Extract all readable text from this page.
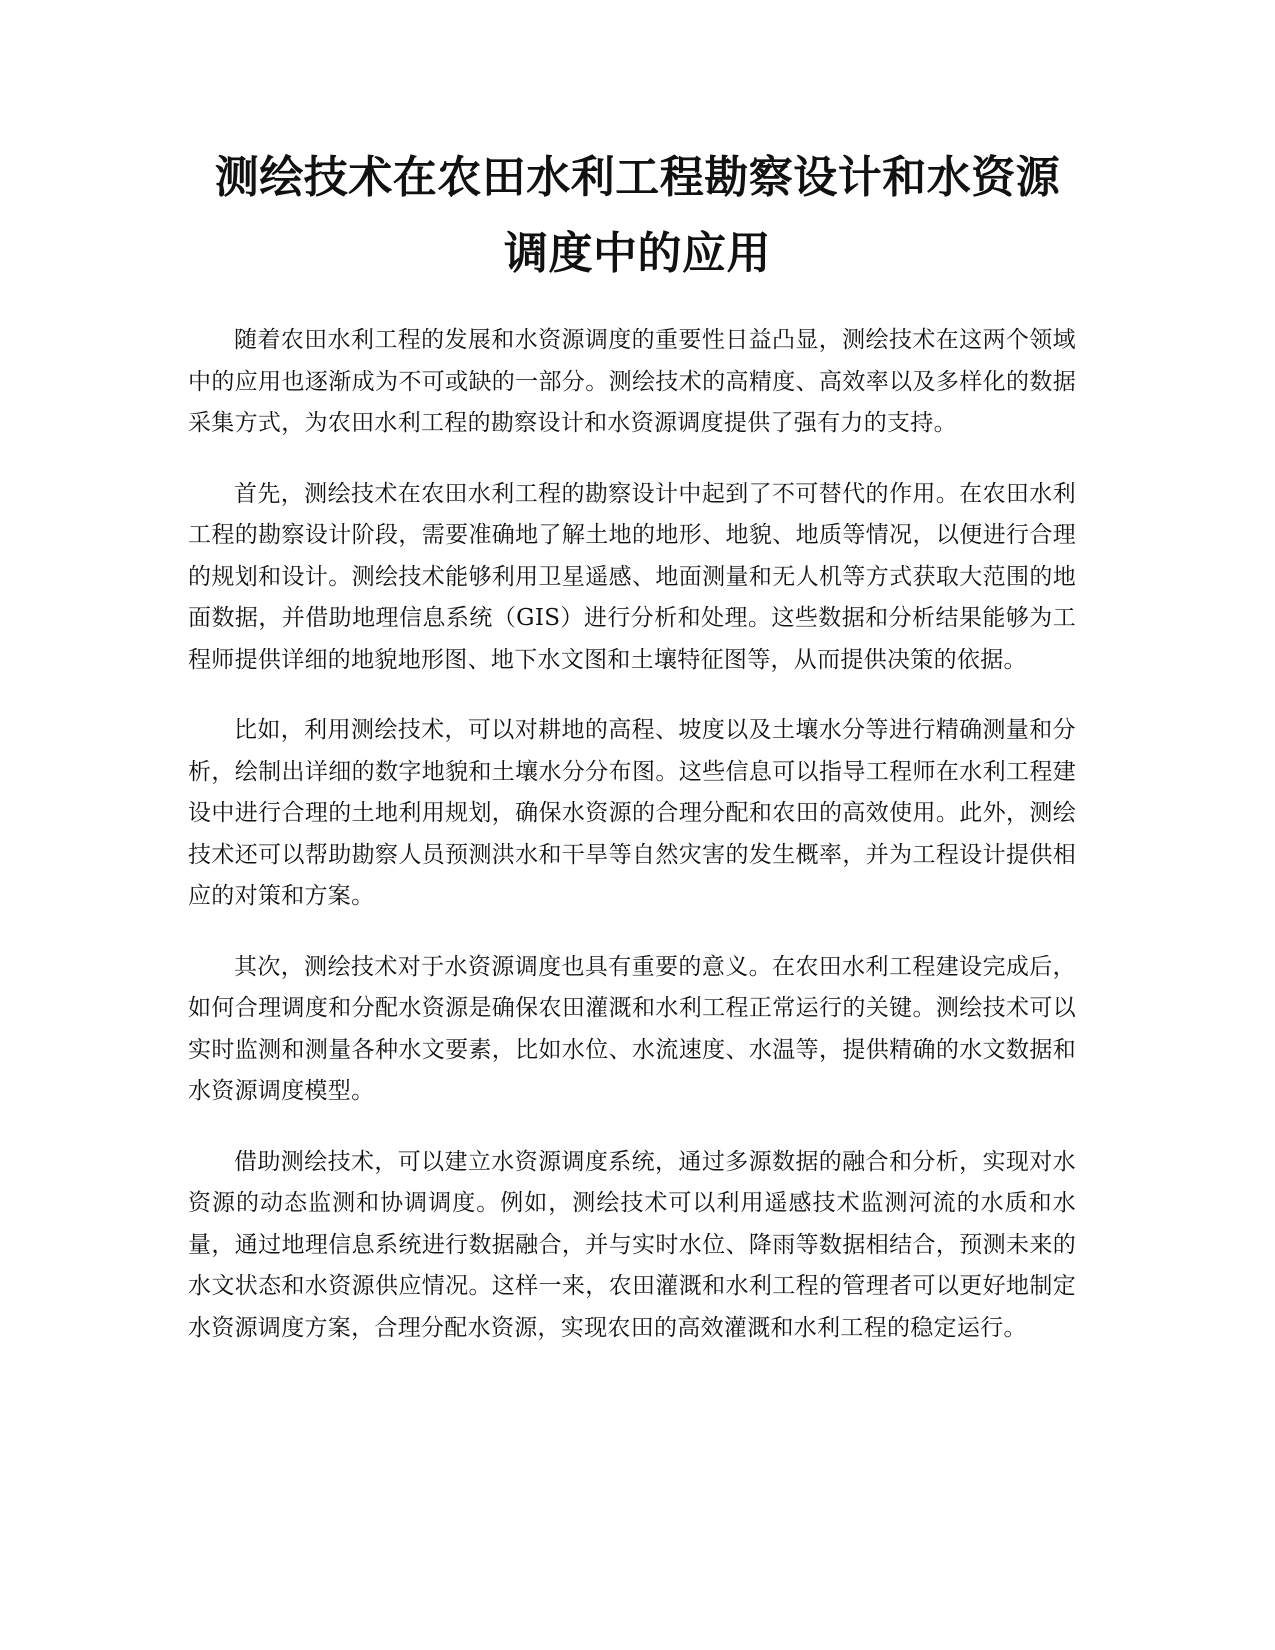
测绘技术在农田水利工程勘察设计和水资源
调度中的应用

随着农田水利工程的发展和水资源调度的重要性日益凸显，测绘技术在这两个领域中的应用也逐渐成为不可或缺的一部分。测绘技术的高精度、高效率以及多样化的数据采集方式，为农田水利工程的勘察设计和水资源调度提供了强有力的支持。

首先，测绘技术在农田水利工程的勘察设计中起到了不可替代的作用。在农田水利工程的勘察设计阶段，需要准确地了解土地的地形、地貌、地质等情况，以便进行合理的规划和设计。测绘技术能够利用卫星遥感、地面测量和无人机等方式获取大范围的地面数据，并借助地理信息系统（GIS）进行分析和处理。这些数据和分析结果能够为工程师提供详细的地貌地形图、地下水文图和土壤特征图等，从而提供决策的依据。

比如，利用测绘技术，可以对耕地的高程、坡度以及土壤水分等进行精确测量和分析，绘制出详细的数字地貌和土壤水分分布图。这些信息可以指导工程师在水利工程建设中进行合理的土地利用规划，确保水资源的合理分配和农田的高效使用。此外，测绘技术还可以帮助勘察人员预测洪水和干旱等自然灾害的发生概率，并为工程设计提供相应的对策和方案。

其次，测绘技术对于水资源调度也具有重要的意义。在农田水利工程建设完成后，如何合理调度和分配水资源是确保农田灌溉和水利工程正常运行的关键。测绘技术可以实时监测和测量各种水文要素，比如水位、水流速度、水温等，提供精确的水文数据和水资源调度模型。

借助测绘技术，可以建立水资源调度系统，通过多源数据的融合和分析，实现对水资源的动态监测和协调调度。例如，测绘技术可以利用遥感技术监测河流的水质和水量，通过地理信息系统进行数据融合，并与实时水位、降雨等数据相结合，预测未来的水文状态和水资源供应情况。这样一来，农田灌溉和水利工程的管理者可以更好地制定水资源调度方案，合理分配水资源，实现农田的高效灌溉和水利工程的稳定运行。
